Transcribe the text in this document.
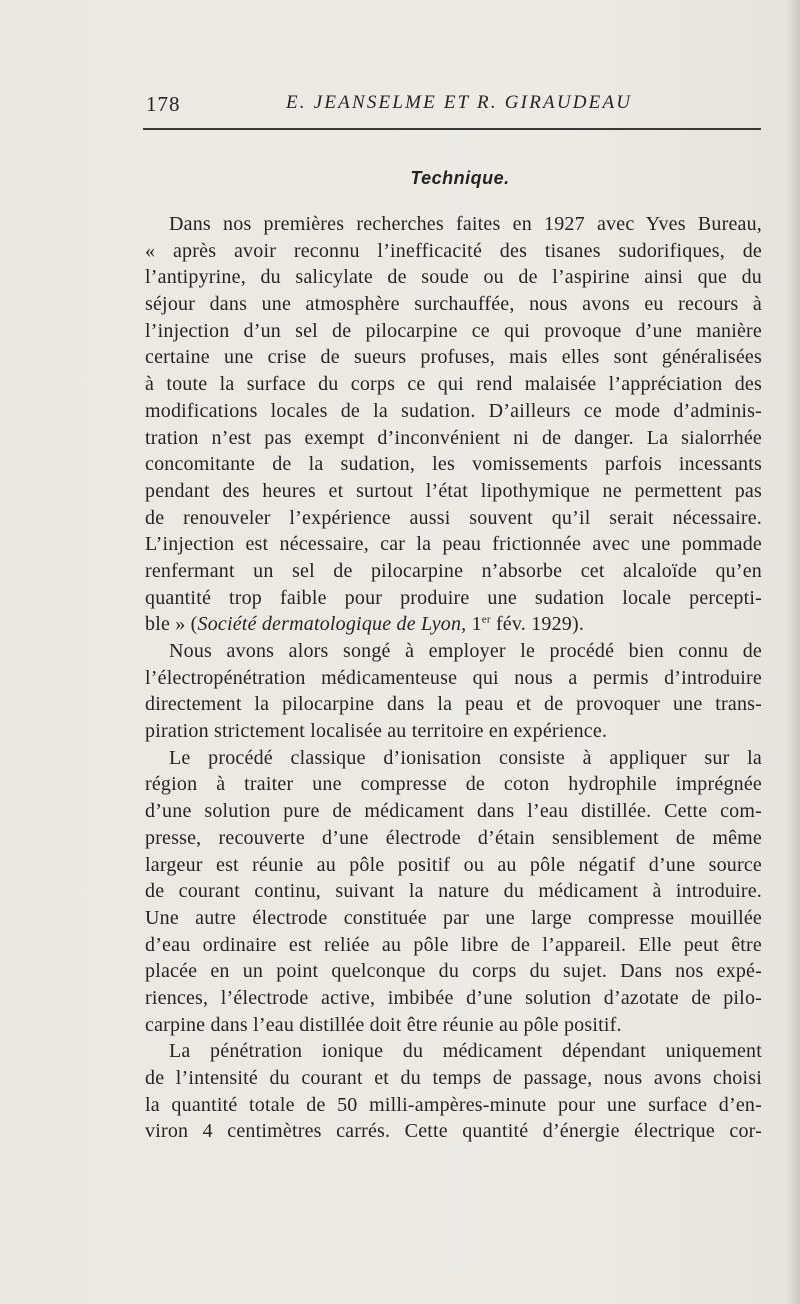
178	E. JEANSELME ET R. GIRAUDEAU
Technique.
Dans nos premières recherches faites en 1927 avec Yves Bureau,
« après avoir reconnu l’inefficacité des tisanes sudorifiques, de
l’antipyrine, du salicylate de soude ou de l’aspirine ainsi que du
séjour dans une atmosphère surchauffée, nous avons eu recours à
l’injection d’un sel de pilocarpine ce qui provoque d’une manière
certaine une crise de sueurs profuses, mais elles sont généralisées
à toute la surface du corps ce qui rend malaisée l’appréciation des
modifications locales de la sudation. D’ailleurs ce mode d’adminis-
tration n’est pas exempt d’inconvénient ni de danger. La sialorrhée
concomitante de la sudation, les vomissements parfois incessants
pendant des heures et surtout l’état lipothymique ne permettent pas
de renouveler l’expérience aussi souvent qu’il serait nécessaire.
L’injection est nécessaire, car la peau frictionnée avec une pommade
renfermant un sel de pilocarpine n’absorbe cet alcaloïde qu’en
quantité trop faible pour produire une sudation locale percepti-
ble » (Société dermatologique de Lyon, 1er fév. 1929).
Nous avons alors songé à employer le procédé bien connu de
l’électropénétration médicamenteuse qui nous a permis d’introduire
directement la pilocarpine dans la peau et de provoquer une trans-
piration strictement localisée au territoire en expérience.
Le procédé classique d’ionisation consiste à appliquer sur la
région à traiter une compresse de coton hydrophile imprégnée
d’une solution pure de médicament dans l’eau distillée. Cette com-
presse, recouverte d’une électrode d’étain sensiblement de même
largeur est réunie au pôle positif ou au pôle négatif d’une source
de courant continu, suivant la nature du médicament à introduire.
Une autre électrode constituée par une large compresse mouillée
d’eau ordinaire est reliée au pôle libre de l’appareil. Elle peut être
placée en un point quelconque du corps du sujet. Dans nos expé-
riences, l’électrode active, imbibée d’une solution d’azotate de pilo-
carpine dans l’eau distillée doit être réunie au pôle positif.
La pénétration ionique du médicament dépendant uniquement
de l’intensité du courant et du temps de passage, nous avons choisi
la quantité totale de 50 milli-ampères-minute pour une surface d’en-
viron 4 centimètres carrés. Cette quantité d’énergie électrique cor-
